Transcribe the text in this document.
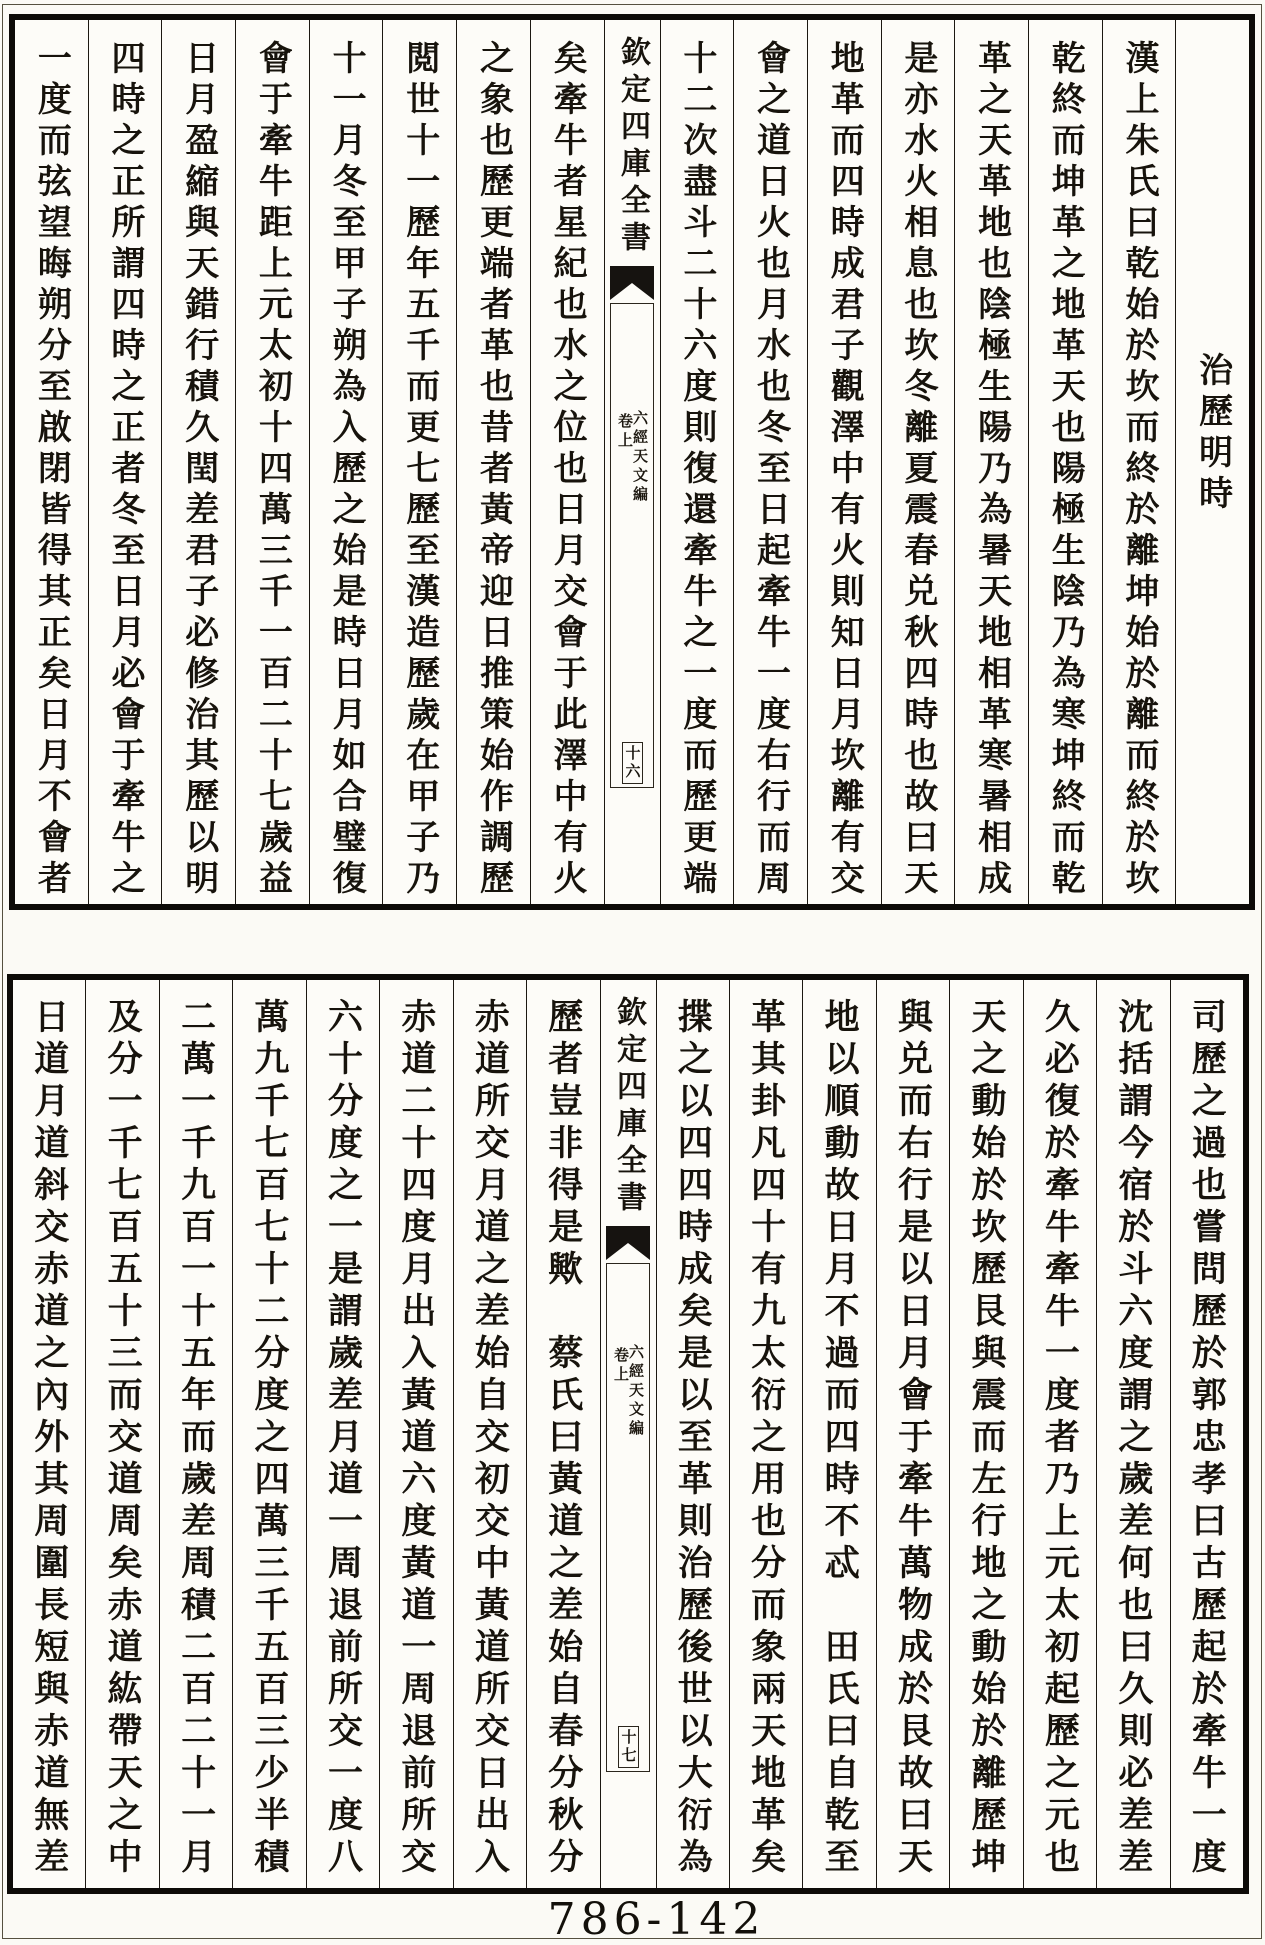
治歷明時
漢上朱氏曰乾始於坎而終於離坤始於離而終於坎
乾終而坤革之地革天也陽極生陰乃為寒坤終而乾
革之天革地也陰極生陽乃為暑天地相革寒暑相成
是亦水火相息也坎冬離夏震春兑秋四時也故曰天
地革而四時成君子觀澤中有火則知日月坎離有交
會之道日火也月水也冬至日起牽牛一度右行而周
十二次盡斗二十六度則復還牽牛之一度而歷更端
欽定四庫全書
六經天文編
卷上
十六
矣牽牛者星紀也水之位也日月交會于此澤中有火
之象也歷更端者革也昔者黃帝迎日推策始作調歷
閲世十一歷年五千而更七歷至漢造歷歲在甲子乃
十一月冬至甲子朔為入歷之始是時日月如合璧復
會于牽牛距上元太初十四萬三千一百二十七歲益
日月盈縮與天錯行積久閏差君子必修治其歷以明
四時之正所謂四時之正者冬至日月必會于牽牛之
一度而弦望晦朔分至啟閉皆得其正矣日月不會者
司歷之過也嘗問歷於郭忠孝曰古歷起於牽牛一度
沈括謂今宿於斗六度謂之歲差何也曰久則必差差
久必復於牽牛牽牛一度者乃上元太初起歷之元也
天之動始於坎歷艮與震而左行地之動始於離歷坤
與兑而右行是以日月會于牽牛萬物成於艮故曰天
地以順動故日月不過而四時不忒　田氏曰自乾至
革其卦凡四十有九太衍之用也分而象兩天地革矣
揲之以四四時成矣是以至革則治歷後世以大衍為
欽定四庫全書
六經天文編
卷上
十七
歷者豈非得是歟　蔡氏曰黃道之差始自春分秋分
赤道所交月道之差始自交初交中黃道所交日出入
赤道二十四度月出入黃道六度黃道一周退前所交
六十分度之一是謂歲差月道一周退前所交一度八
萬九千七百七十二分度之四萬三千五百三少半積
二萬一千九百一十五年而歲差周積二百二十一月
及分一千七百五十三而交道周矣赤道紘帶天之中
日道月道斜交赤道之內外其周圍長短與赤道無差
786-142
